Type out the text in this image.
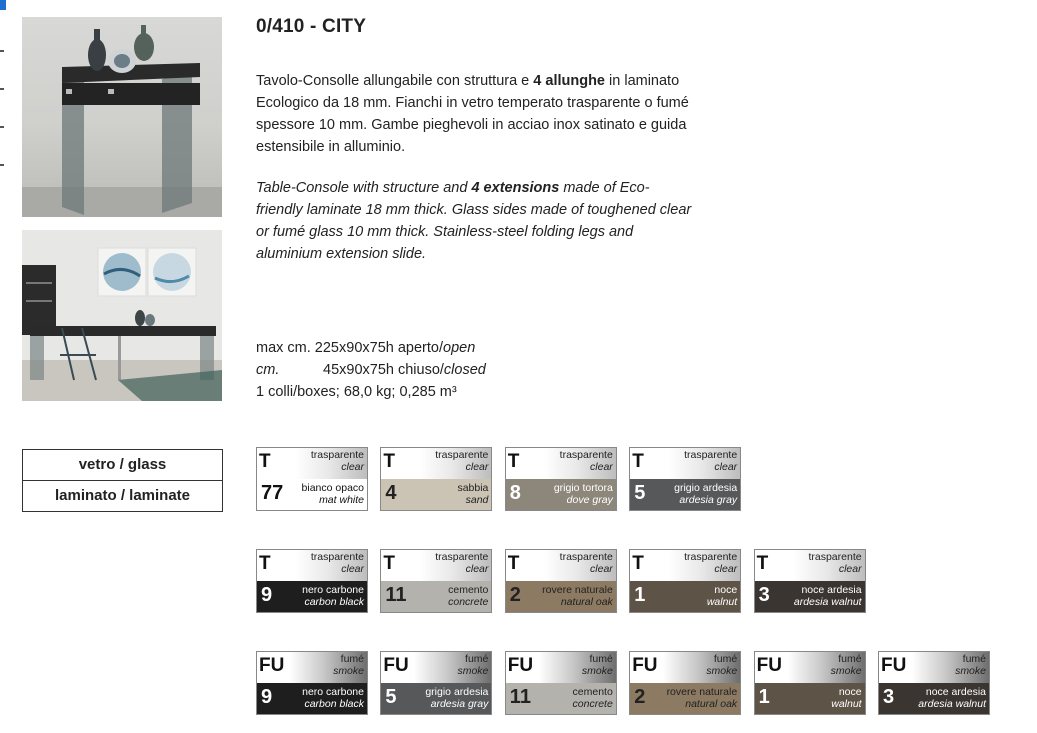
0/410 - CITY
Tavolo-Consolle allungabile con struttura e 4 allunghe in laminato Ecologico da 18 mm. Fianchi in vetro temperato trasparente o fumé spessore 10 mm. Gambe pieghevoli in acciao inox satinato e guida estensibile in alluminio.
Table-Console with structure and 4 extensions made of Eco-friendly laminate 18 mm thick. Glass sides made of toughened clear or fumé glass 10 mm thick. Stainless-steel folding legs and aluminium extension slide.
max cm. 225x90x75h aperto/open
cm.	45x90x75h chiuso/closed
1 colli/boxes; 68,0 kg; 0,285 m³
vetro / glass
laminato / laminate
T	trasparente
clear
77 bianco opaco
mat white
T	trasparente
clear
4	sabbia
sand
T	trasparente
clear
8	grigio tortora
dove gray
T	trasparente
clear
5	grigio ardesia
ardesia gray
T	trasparente
clear
9	nero carbone
carbon black
T	trasparente
clear
11	cemento
concrete
T	trasparente
clear
2 rovere naturale
natural oak
T	trasparente
clear
1	noce
walnut
T	trasparente
clear
3	noce ardesia
ardesia walnut
FU	fumé
smoke
9	nero carbone
carbon black
FU	fumé
smoke
5	grigio ardesia
ardesia gray
FU	fumé
smoke
11	cemento
concrete
FU	fumé
smoke
2 rovere naturale
natural oak
FU	fumé
smoke
1	noce
walnut
FU	fumé
smoke
3	noce ardesia
ardesia walnut
